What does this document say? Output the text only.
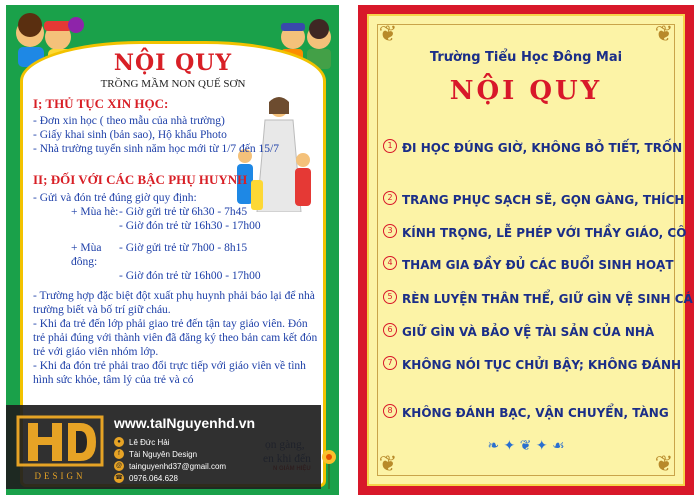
NỘI QUY
TRỒNG MẦM NON QUẾ SƠN
I; THỦ TỤC XIN HỌC:
- Đơn xin học ( theo mẫu của nhà trường)
- Giấy khai sinh (bản sao), Hộ khẩu Photo
- Nhà trường tuyển sinh năm học mới từ 1/7 đến 15/7
II; ĐỐI VỚI CÁC BẬC PHỤ HUYNH
- Gửi và đón trẻ đúng giờ quy định:
+ Mùa hè: - Giờ gửi trẻ từ 6h30 - 7h45
- Giờ đón trẻ từ 16h30 - 17h00
+ Mùa đông:
- Giờ gửi trẻ từ 7h00 - 8h15
- Giờ đón trẻ từ 16h00 - 17h00
- Trường hợp đặc biệt đột xuất phụ huynh phải báo lại để nhà trường biết và bố trí giữ cháu.
- Khi đa trẻ đến lớp phải giao trẻ đến tận tay giáo viên. Đón trẻ phải đúng với thành viên đã đăng ký theo bản cam kết đón trẻ với giáo viên nhóm lớp.
- Khi đa đón trẻ phải trao đổi trực tiếp với giáo viên về tình hình sức khỏe, tâm lý của trẻ và có
DESIGN
www.taINguyenhd.vn
●	Lê Đức Hải
f	Tài Nguyên Design
@ tainguyenhd37@gmail.com
☎ 0976.064.628
❦	❦
❦	❦
Trường Tiểu Học Đông Mai
NỘI QUY
1 ĐI HỌC ĐÚNG GIỜ, KHÔNG BỎ TIẾT, TRỐN
2 TRANG PHỤC SẠCH SẼ, GỌN GÀNG, THÍCH
3 KÍNH TRỌNG, LỄ PHÉP VỚI THẦY GIÁO, CÔ
4 THAM GIA ĐẦY ĐỦ CÁC BUỔI SINH HOẠT
5 RÈN LUYỆN THÂN THỂ, GIỮ GÌN VỆ SINH CÁ
6 GIỮ GÌN VÀ BẢO VỆ TÀI SẢN CỦA NHÀ
7 KHÔNG NÓI TỤC CHỬI BẬY; KHÔNG ĐÁNH
8 KHÔNG ĐÁNH BẠC, VẬN CHUYỂN, TÀNG
❧ ✦ ❦ ✦ ☙
